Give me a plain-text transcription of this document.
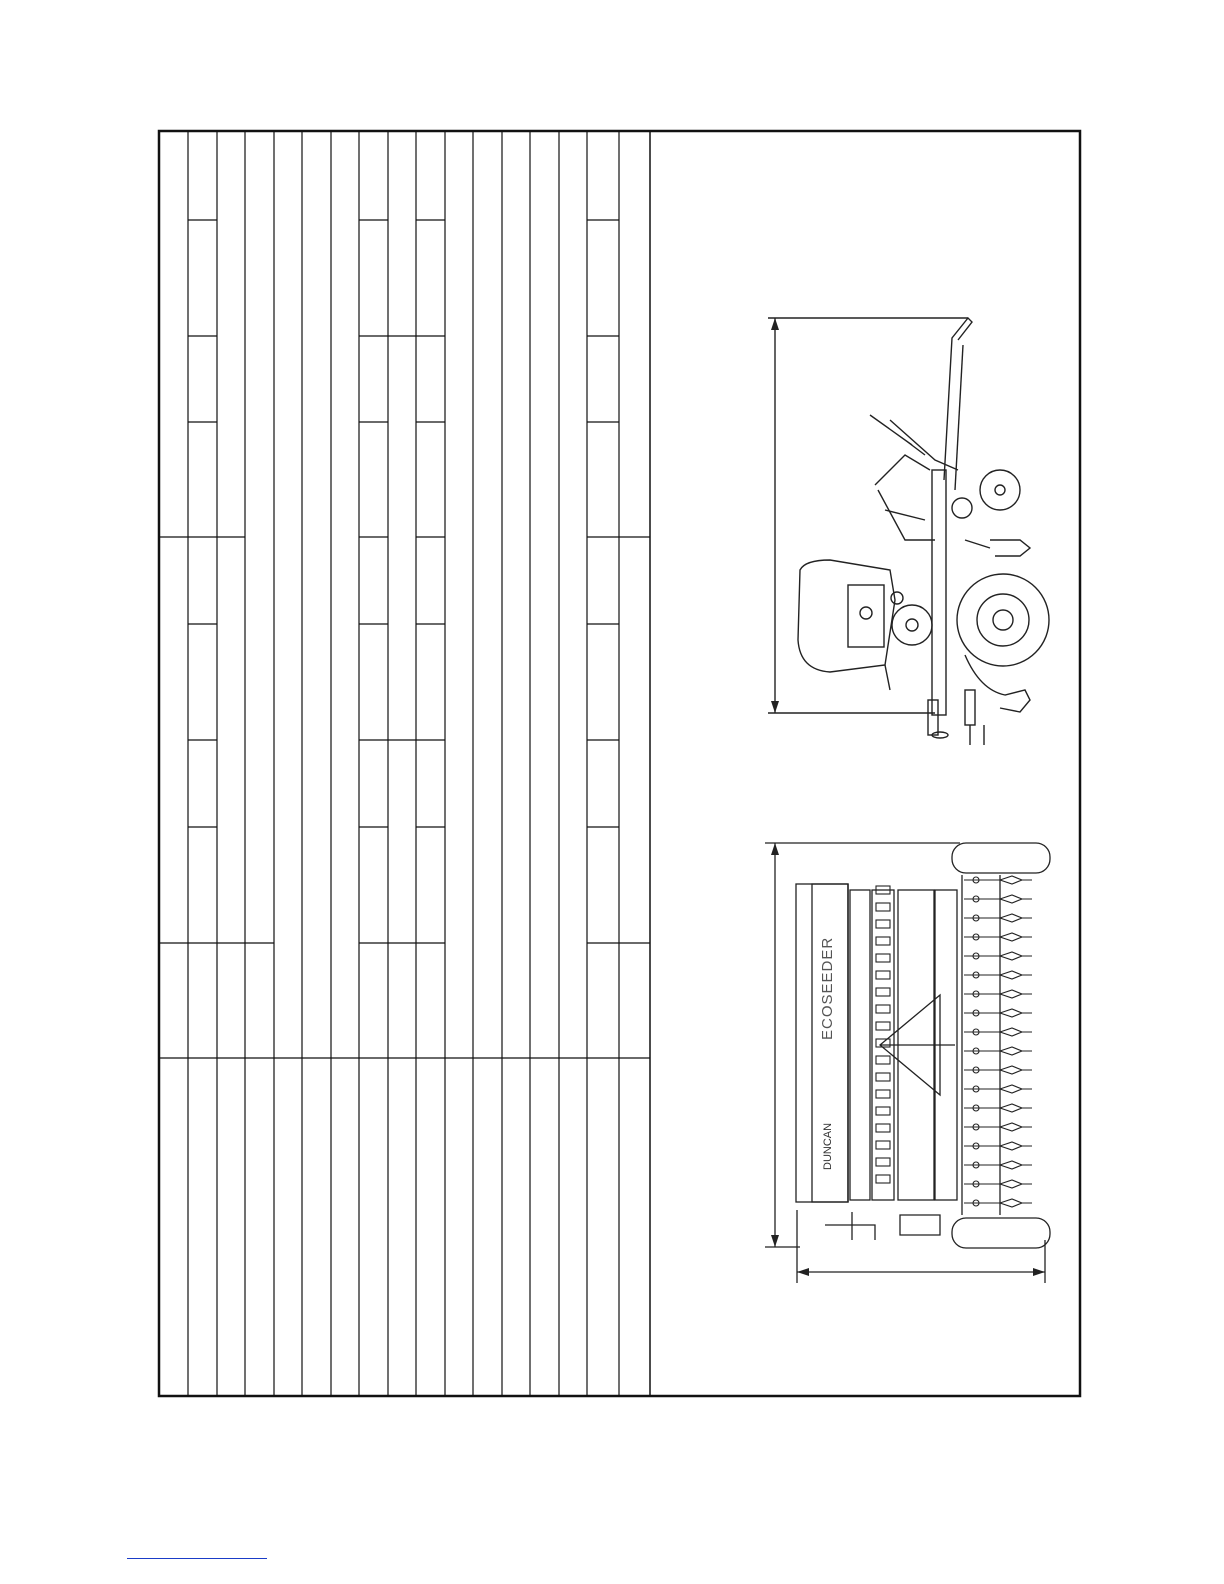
DUNCAN
ECOSEEDER
